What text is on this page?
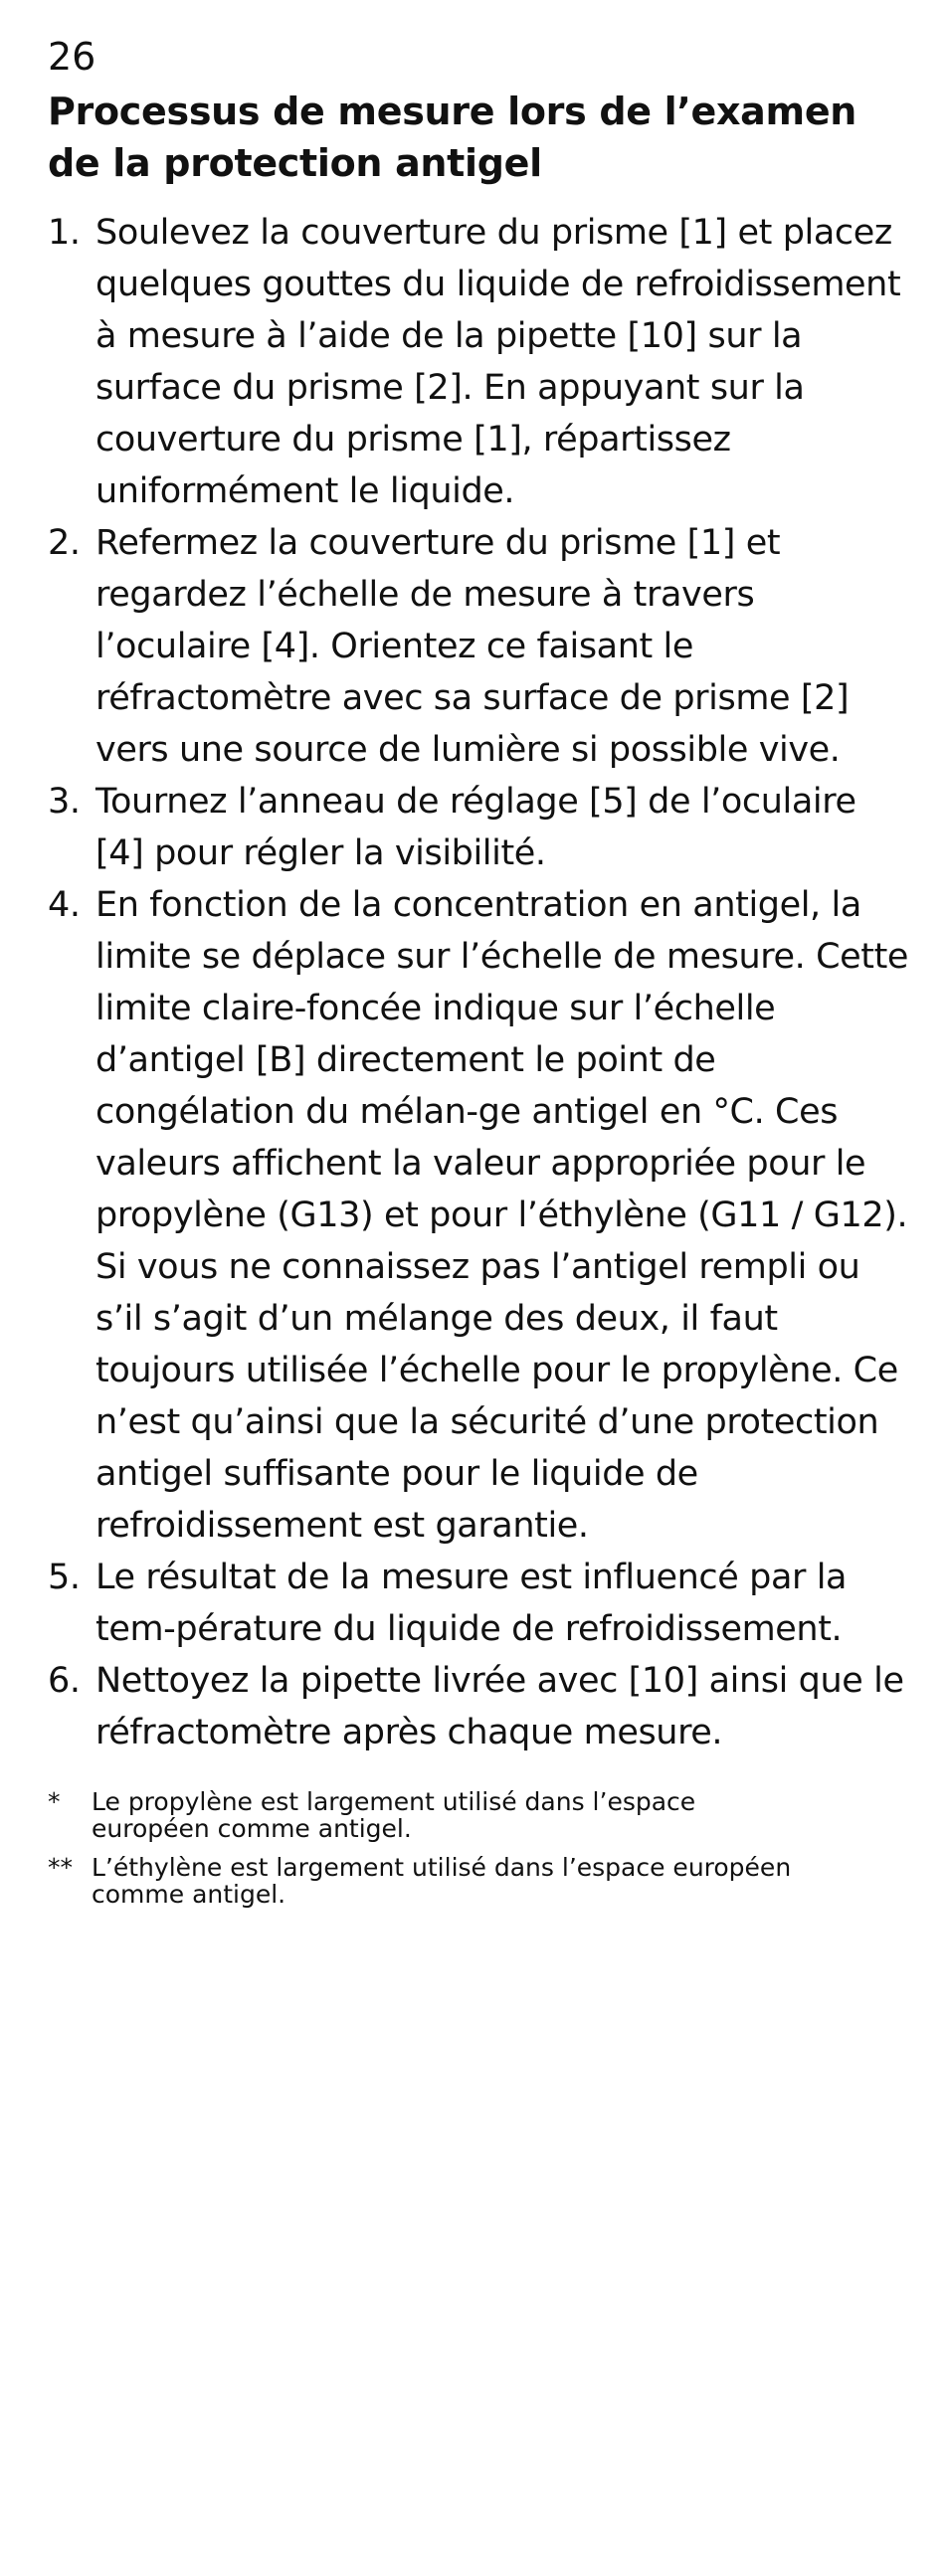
26
Processus de mesure lors de l’examen de la protection antigel
1. Soulevez la couverture du prisme [1] et placez quelques gouttes du liquide de refroidissement à mesure à l’aide de la pipette [10] sur la surface du prisme [2]. En appuyant sur la couverture du prisme [1], répartissez uniformément le liquide.
2. Refermez la couverture du prisme [1] et regardez l’échelle de mesure à travers l’oculaire [4]. Orientez ce faisant le réfractomètre avec sa surface de prisme [2] vers une source de lumière si possible vive.
3. Tournez l’anneau de réglage [5] de l’oculaire [4] pour régler la visibilité.
4. En fonction de la concentration en antigel, la limite se déplace sur l’échelle de mesure. Cette limite claire-foncée indique sur l’échelle d’antigel [B] directement le point de congélation du mélan-ge antigel en °C. Ces valeurs affichent la valeur appropriée pour le propylène (G13) et pour l’éthylène (G11 / G12). Si vous ne connaissez pas l’antigel rempli ou s’il s’agit d’un mélange des deux, il faut toujours utilisée l’échelle pour le propylène. Ce n’est qu’ainsi que la sécurité d’une protection antigel suffisante pour le liquide de refroidissement est garantie.
5. Le résultat de la mesure est influencé par la tem-pérature du liquide de refroidissement.
6. Nettoyez la pipette livrée avec [10] ainsi que le réfractomètre après chaque mesure.
*	Le propylène est largement utilisé dans l’espace européen comme antigel.
** L’éthylène est largement utilisé dans l’espace européen comme antigel.
